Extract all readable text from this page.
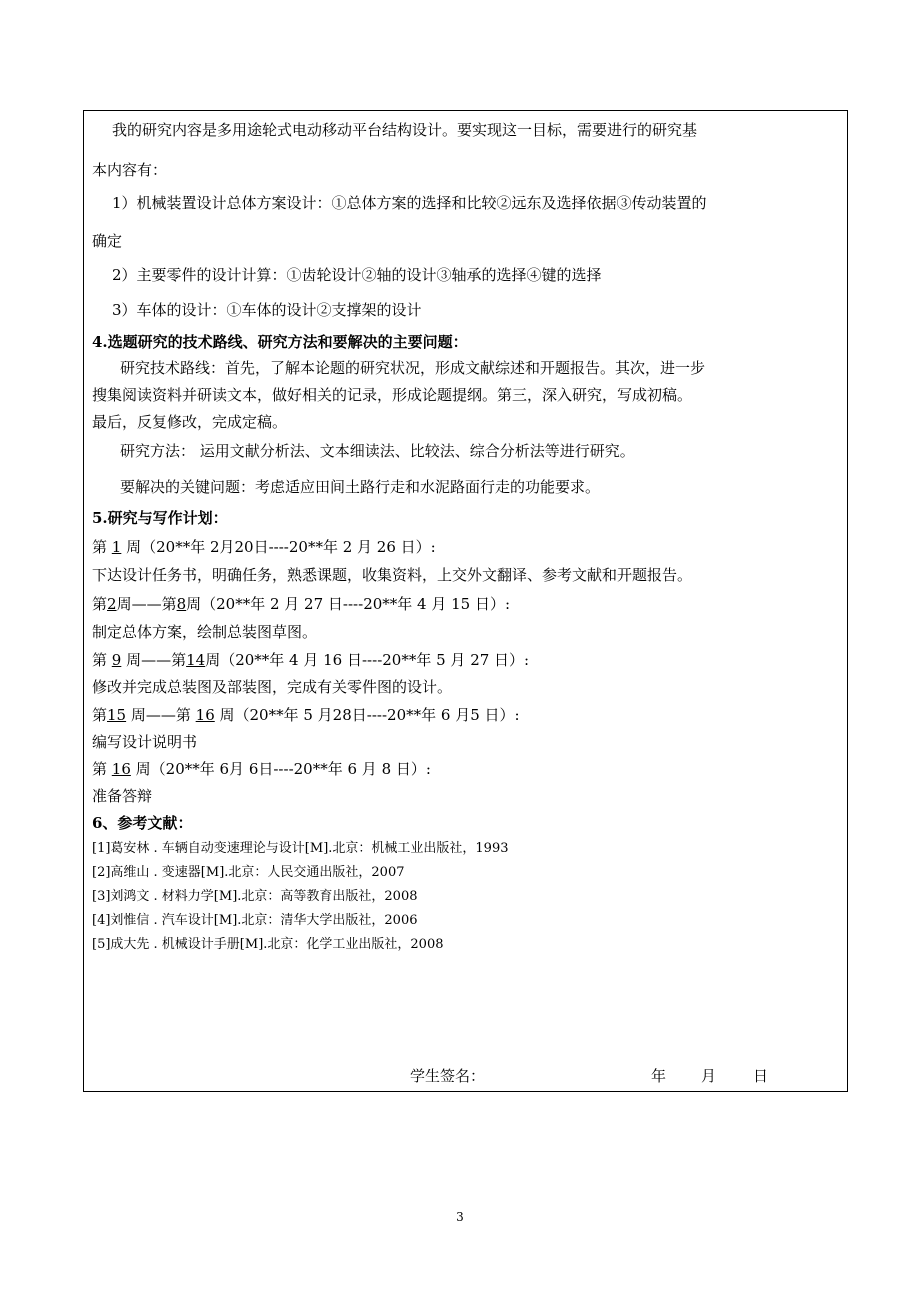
我的研究内容是多用途轮式电动移动平台结构设计。要实现这一目标，需要进行的研究基
本内容有：
1）机械装置设计总体方案设计：①总体方案的选择和比较②远东及选择依据③传动装置的
确定
2）主要零件的设计计算：①齿轮设计②轴的设计③轴承的选择④键的选择
3）车体的设计：①车体的设计②支撑架的设计
4.选题研究的技术路线、研究方法和要解决的主要问题：
研究技术路线：首先，了解本论题的研究状况，形成文献综述和开题报告。其次，进一步
搜集阅读资料并研读文本，做好相关的记录，形成论题提纲。第三，深入研究，写成初稿。
最后，反复修改，完成定稿。
研究方法： 运用文献分析法、文本细读法、比较法、综合分析法等进行研究。
要解决的关键问题：考虑适应田间土路行走和水泥路面行走的功能要求。
5.研究与写作计划：
第 1 周（20**年 2月20日----20**年 2 月 26 日）:
下达设计任务书，明确任务，熟悉课题，收集资料，上交外文翻译、参考文献和开题报告。
第2周——第8周（20**年 2 月 27 日----20**年 4 月 15 日）:
制定总体方案，绘制总装图草图。
第 9 周——第14周（20**年 4 月 16 日----20**年 5 月 27 日）:
修改并完成总装图及部装图，完成有关零件图的设计。
第15 周——第 16 周（20**年 5 月28日----20**年 6 月5 日）:
编写设计说明书
第 16 周（20**年 6月 6日----20**年 6 月 8 日）:
准备答辩
6、参考文献：
[1]葛安林 . 车辆自动变速理论与设计[M].北京：机械工业出版社，1993
[2]高维山 . 变速器[M].北京：人民交通出版社，2007
[3]刘鸿文 . 材料力学[M].北京：高等教育出版社，2008
[4]刘惟信 . 汽车设计[M].北京：清华大学出版社，2006
[5]成大先 . 机械设计手册[M].北京：化学工业出版社，2008
学生签名：	年 月 日
3
